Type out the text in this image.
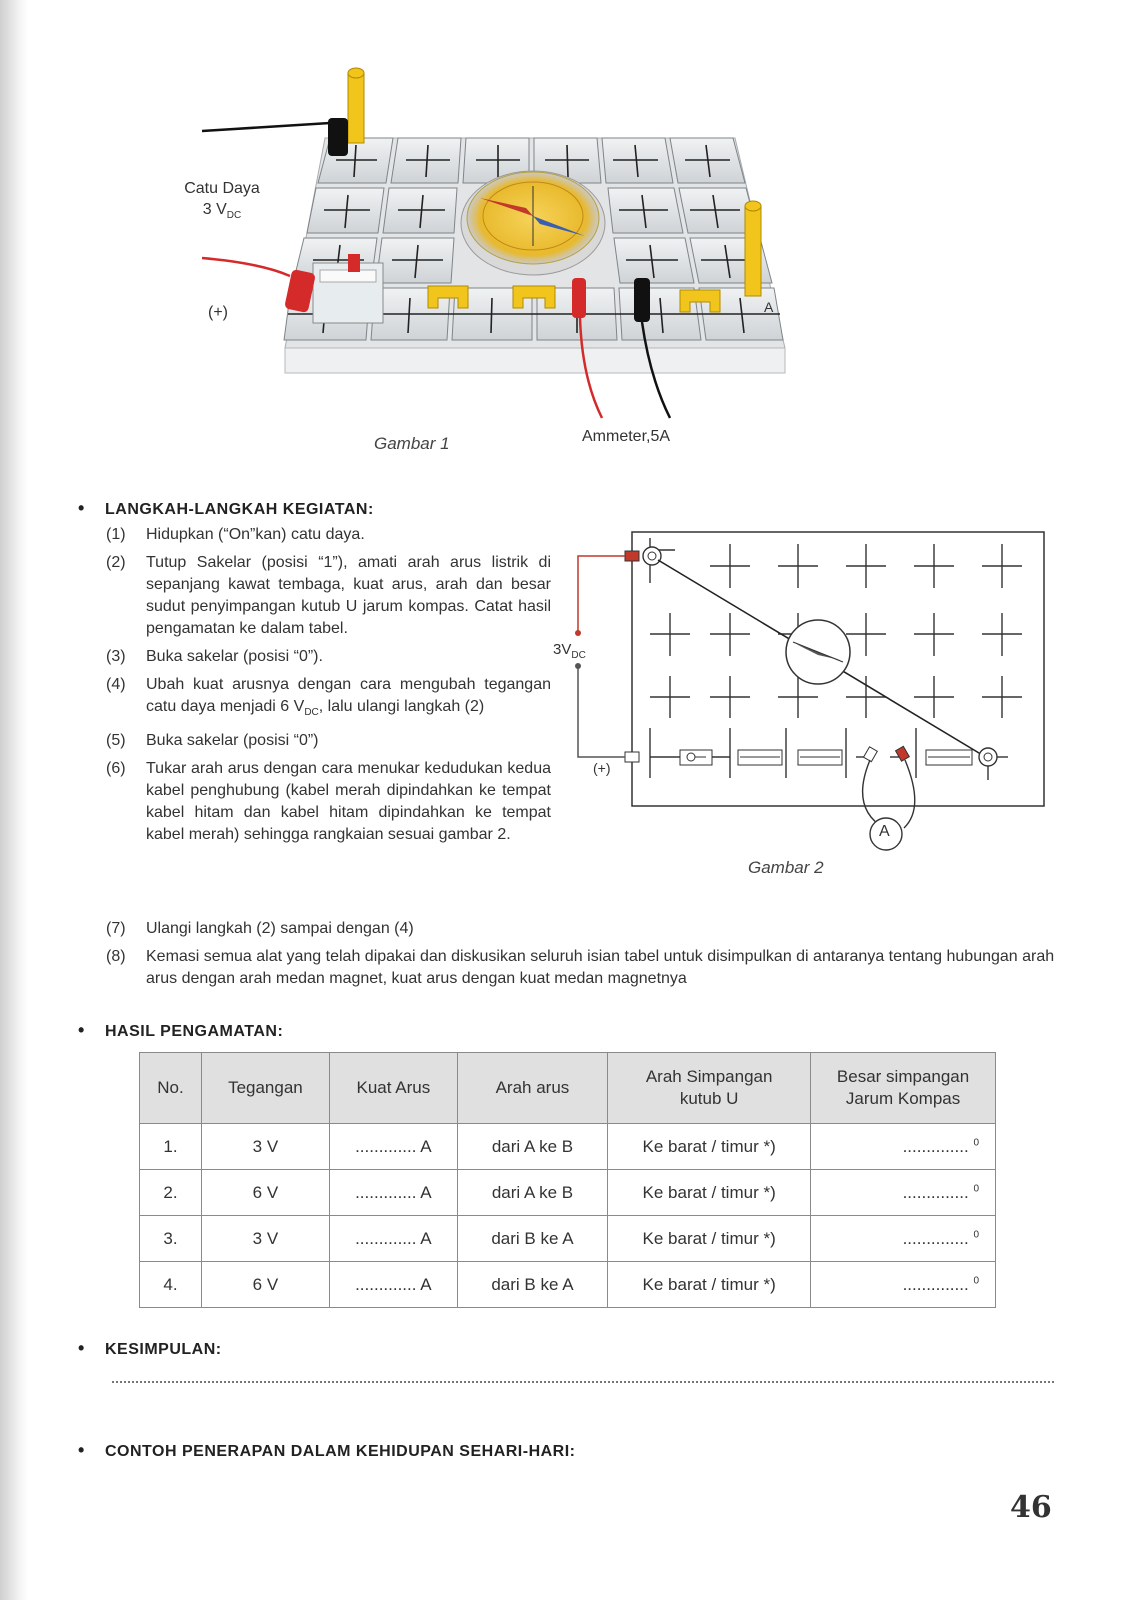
Catu Daya
3 $V_{DC}$
(+)	A
Ammeter,5A
Gambar 1
• LANGKAH-LANGKAH KEGIATAN:
(1)	Hidupkan (“On”kan) catu daya.
(2)	Tutup Sakelar (posisi “1”), amati arah arus listrik di sepanjang kawat tembaga, kuat arus, arah dan besar sudut penyimpangan kutub U jarum kompas. Catat hasil pengamatan ke dalam tabel.
(3)	Buka sakelar (posisi “0”).
(4)	Ubah kuat arusnya dengan cara mengubah tegangan catu daya menjadi 6 $V_{DC}$, lalu ulangi langkah (2)
(5)	Buka sakelar (posisi “0”)
(6)	Tukar arah arus dengan cara menukar kedudukan kedua kabel penghubung (kabel merah dipindahkan ke tempat kabel hitam dan kabel hitam dipindahkan ke tempat kabel merah) sehingga rangkaian sesuai gambar 2.
(7)	Ulangi langkah (2) sampai dengan (4)
(8)	Kemasi semua alat yang telah dipakai dan diskusikan seluruh isian tabel untuk disimpulkan di antaranya tentang hubungan arah arus dengan arah medan magnet, kuat arus dengan kuat medan magnetnya
$3V_{DC}$
(+)
A
Gambar 2
• HASIL PENGAMATAN:
No.	Tegangan	Kuat Arus	Arah arus	Arah Simpangan
kutub U	Besar simpangan
Jarum Kompas
1.	3 V	............. A	dari A ke B	Ke barat / timur *)	.............. $^0$
2.	6 V	............. A	dari A ke B	Ke barat / timur *)	.............. $^0$
3.	3 V	............. A	dari B ke A	Ke barat / timur *)	.............. $^0$
4.	6 V	............. A	dari B ke A	Ke barat / timur *)	.............. $^0$
• KESIMPULAN:
• CONTOH PENERAPAN DALAM KEHIDUPAN SEHARI-HARI:
46
